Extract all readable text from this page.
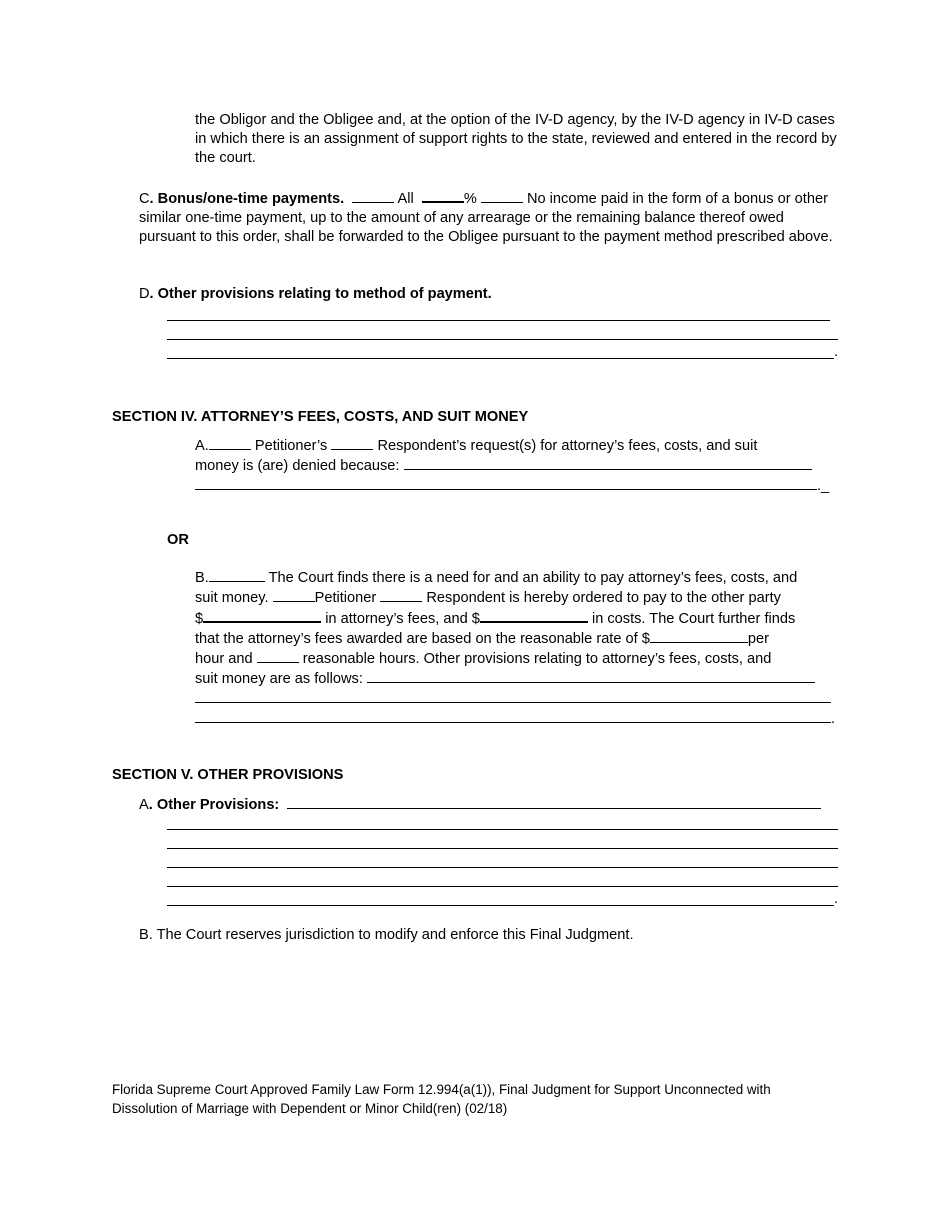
the Obligor and the Obligee and, at the option of the IV-D agency, by the IV-D agency in IV-D cases in which there is an assignment of support rights to the state, reviewed and entered in the record by the court.

C. Bonus/one-time payments.	All	%	No income paid in the form of a bonus or other similar one-time payment, up to the amount of any arrearage or the remaining balance thereof owed pursuant to this order, shall be forwarded to the Obligee pursuant to the payment method prescribed above.

D. Other provisions relating to method of payment.

.
SECTION IV. ATTORNEY’S FEES, COSTS, AND SUIT MONEY

A.	Petitioner’s	Respondent’s request(s) for attorney’s fees, costs, and suit

money is (are) denied because:

._

OR

B.	The Court finds there is a need for and an ability to pay attorney’s fees, costs, and

suit money.	Petitioner	Respondent is hereby ordered to pay to the other party

$	in attorney’s fees, and $	in costs. The Court further finds

that the attorney’s fees awarded are based on the reasonable rate of $	per

hour and	reasonable hours. Other provisions relating to attorney’s fees, costs, and

suit money are as follows:

.

SECTION V. OTHER PROVISIONS

A. Other Provisions:

.

B. The Court reserves jurisdiction to modify and enforce this Final Judgment.

Florida Supreme Court Approved Family Law Form 12.994(a(1)), Final Judgment for Support Unconnected with

Dissolution of Marriage with Dependent or Minor Child(ren) (02/18)
